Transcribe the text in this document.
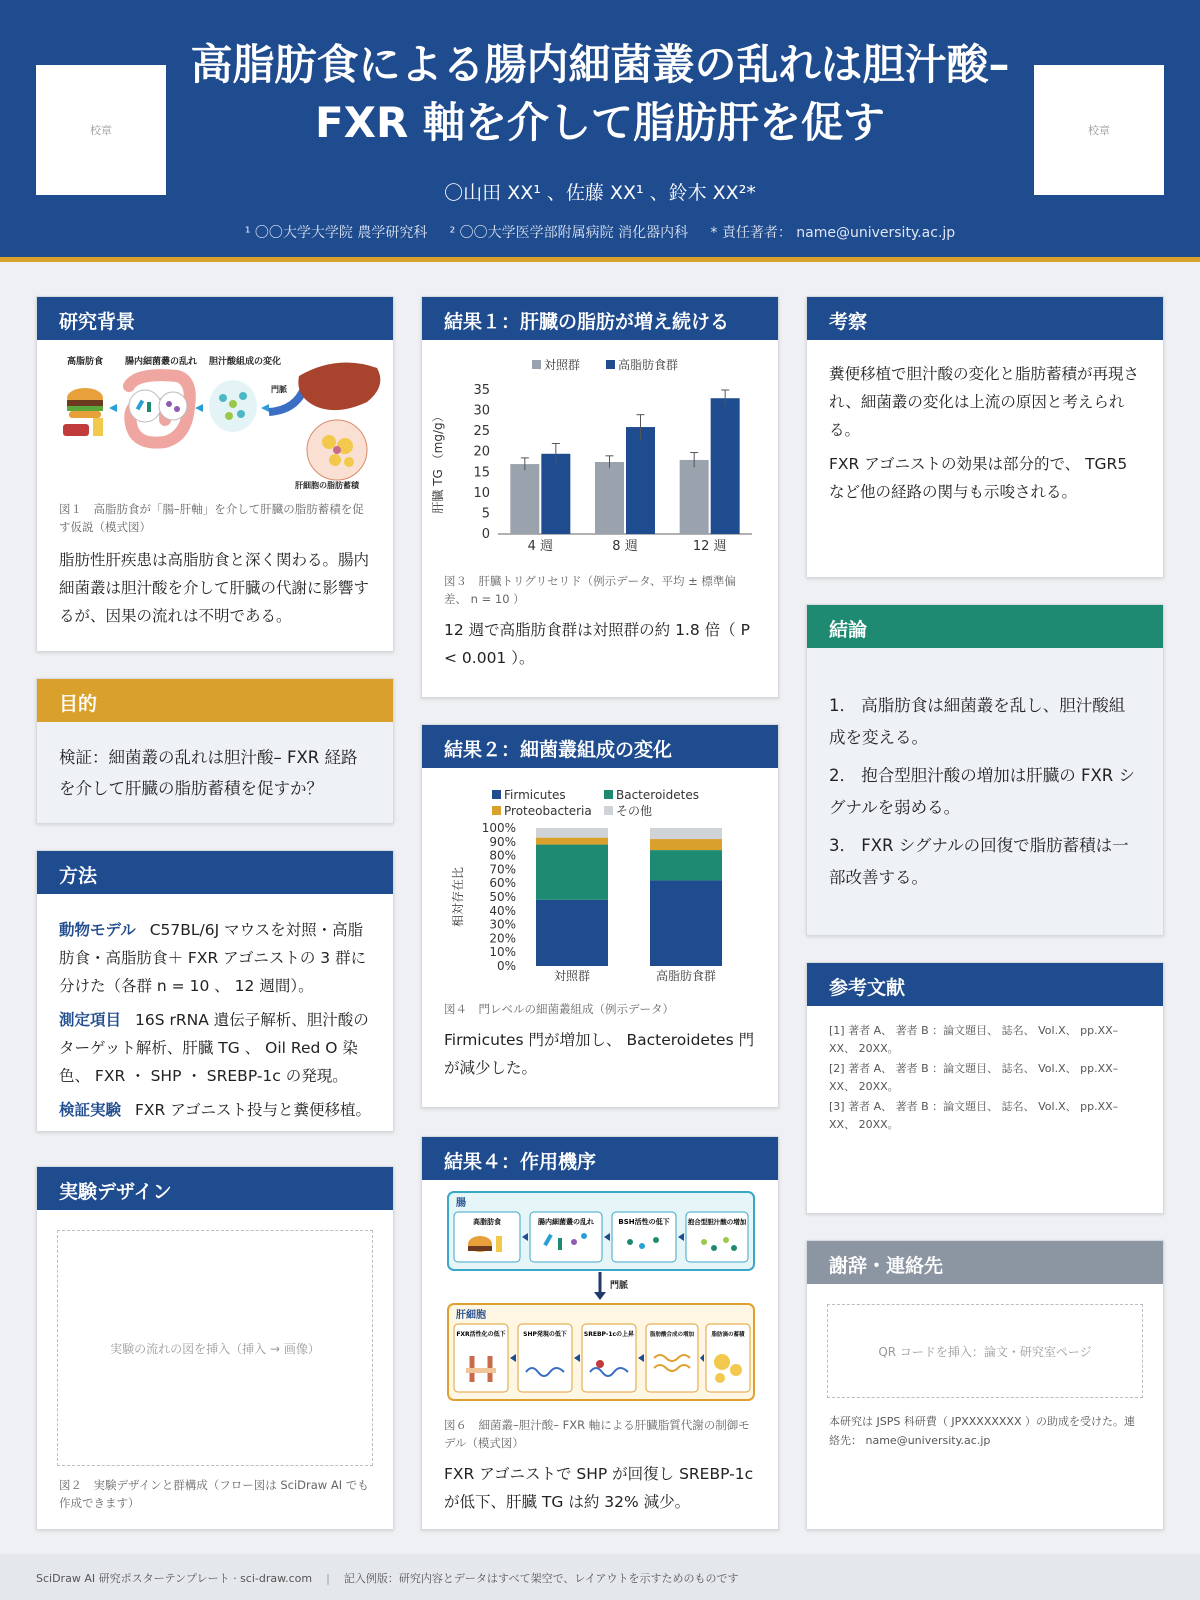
校章	校章
高脂肪食による腸内細菌叢の乱れは胆汁酸– FXR 軸を介して脂肪肝を促す
〇山田 XX¹ 、佐藤 XX¹ 、鈴木 XX²*
¹ 〇〇大学大学院 農学研究科 ² 〇〇大学医学部附属病院 消化器内科 * 責任著者： name@university.ac.jp
研究背景
高脂肪食 腸内細菌叢の乱れ 胆汁酸組成の変化
門脈
肝細胞の脂肪蓄積
図１　高脂肪食が「腸–肝軸」を介して肝臓の脂肪蓄積を促す仮説（模式図）
脂肪性肝疾患は高脂肪食と深く関わる。腸内細菌叢は胆汁酸を介して肝臓の代謝に影響するが、因果の流れは不明である。
目的
検証：細菌叢の乱れは胆汁酸– FXR 経路を介して肝臓の脂肪蓄積を促すか？
方法
動物モデル C57BL/6J マウスを対照・高脂肪食・高脂肪食＋ FXR アゴニストの 3 群に分けた（各群 n = 10 、 12 週間）。
測定項目 16S rRNA 遺伝子解析、胆汁酸のターゲット解析、肝臓 TG 、 Oil Red O 染色、 FXR ・ SHP ・ SREBP-1c の発現。
検証実験 FXR アゴニスト投与と糞便移植。
実験デザイン
実験の流れの図を挿入（挿入 → 画像）
図２　実験デザインと群構成（フロー図は SciDraw AI でも作成できます）
結果１：肝臓の脂肪が増え続ける
対照群	高脂肪食群
0
5
10
15
20
25
30
35
肝臓 TG （mg/g）
4 週	8 週	12 週
図３　肝臓トリグリセリド（例示データ、平均 ± 標準偏差、 n = 10 ）
12 週で高脂肪食群は対照群の約 1.8 倍（ P < 0.001 ）。
結果２：細菌叢組成の変化
Firmicutes	Bacteroidetes
Proteobacteria その他
0%
10%
20%
30%
40%
50%
60%
70%
80%
90%
100%
相対存在比
対照群	高脂肪食群
図４　門レベルの細菌叢組成（例示データ）
Firmicutes 門が増加し、 Bacteroidetes 門が減少した。
結果４：作用機序
腸
高脂肪食	腸内細菌叢の乱れ	BSH活性の低下	抱合型胆汁酸の増加
門脈
肝細胞
FXR活性化の低下	SHP発現の低下	SREBP-1cの上昇	脂肪酸合成の増加	脂肪滴の蓄積
図６　細菌叢–胆汁酸– FXR 軸による肝臓脂質代謝の制御モデル（模式図）
FXR アゴニストで SHP が回復し SREBP-1c が低下、肝臓 TG は約 32% 減少。
考察
糞便移植で胆汁酸の変化と脂肪蓄積が再現され、細菌叢の変化は上流の原因と考えられる。
FXR アゴニストの効果は部分的で、 TGR5 など他の経路の関与も示唆される。
結論
1． 高脂肪食は細菌叢を乱し、胆汁酸組成を変える。
2． 抱合型胆汁酸の増加は肝臓の FXR シグナルを弱める。
3． FXR シグナルの回復で脂肪蓄積は一部改善する。
参考文献
[1] 著者 A、 著者 B ：論文題目、 誌名、 Vol.X、 pp.XX–XX、 20XX。
[2] 著者 A、 著者 B ：論文題目、 誌名、 Vol.X、 pp.XX–XX、 20XX。
[3] 著者 A、 著者 B ：論文題目、 誌名、 Vol.X、 pp.XX–XX、 20XX。
謝辞・連絡先
QR コードを挿入：論文・研究室ページ
本研究は JSPS 科研費（ JPXXXXXXXX ）の助成を受けた。連絡先： name@university.ac.jp
SciDraw AI 研究ポスターテンプレート · sci-draw.com | 記入例版：研究内容とデータはすべて架空で、レイアウトを示すためのものです
